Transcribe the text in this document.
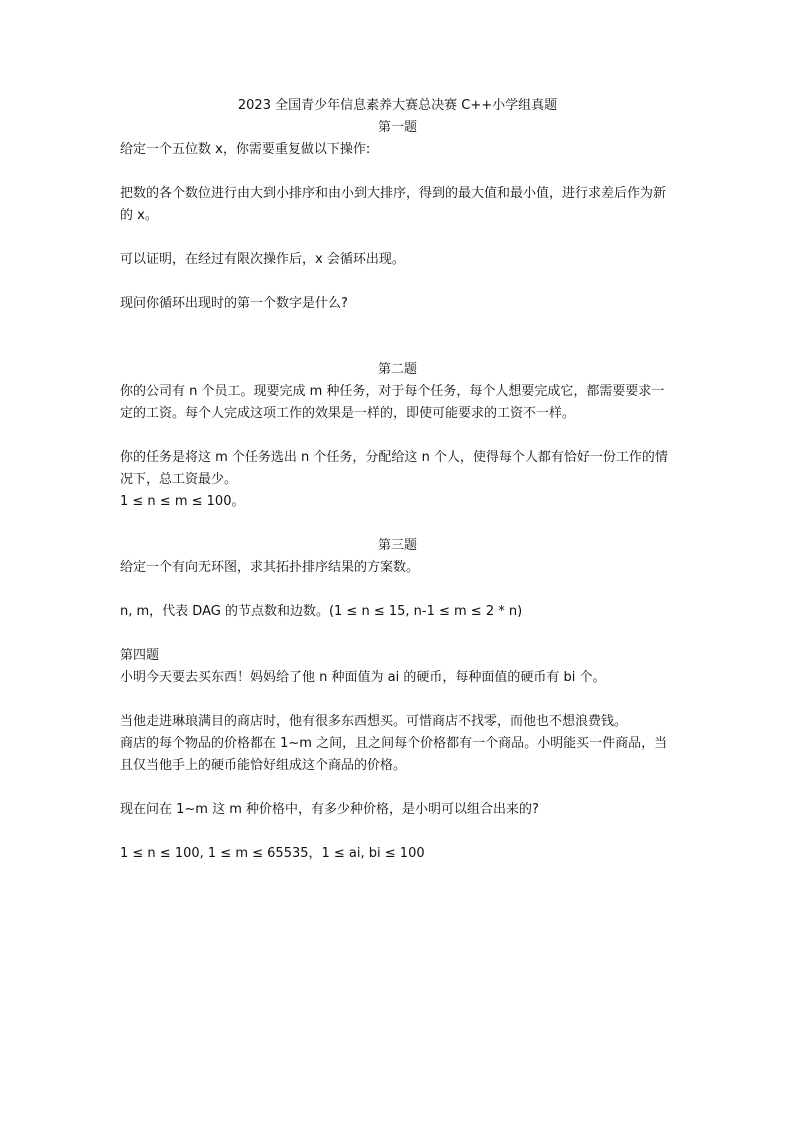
2023 全国青少年信息素养大赛总决赛 C++小学组真题
第一题
给定一个五位数 x，你需要重复做以下操作:
把数的各个数位进行由大到小排序和由小到大排序，得到的最大值和最小值，进行求差后作为新的 x。
可以证明，在经过有限次操作后，x 会循环出现。
现问你循环出现时的第一个数字是什么?
第二题
你的公司有 n 个员工。现要完成 m 种任务，对于每个任务，每个人想要完成它，都需要要求一定的工资。每个人完成这项工作的效果是一样的，即使可能要求的工资不一样。
你的任务是将这 m 个任务选出 n 个任务，分配给这 n 个人，使得每个人都有恰好一份工作的情况下，总工资最少。
1 ≤ n ≤ m ≤ 100。
第三题
给定一个有向无环图，求其拓扑排序结果的方案数。
n, m，代表 DAG 的节点数和边数。(1 ≤ n ≤ 15, n-1 ≤ m ≤ 2 * n)
第四题
小明今天要去买东西！妈妈给了他 n 种面值为 ai 的硬币，每种面值的硬币有 bi 个。
当他走进琳琅满目的商店时，他有很多东西想买。可惜商店不找零，而他也不想浪费钱。
商店的每个物品的价格都在 1~m 之间，且之间每个价格都有一个商品。小明能买一件商品，当且仅当他手上的硬币能恰好组成这个商品的价格。
现在问在 1~m 这 m 种价格中，有多少种价格，是小明可以组合出来的?
1 ≤ n ≤ 100, 1 ≤ m ≤ 65535，1 ≤ ai, bi ≤ 100
